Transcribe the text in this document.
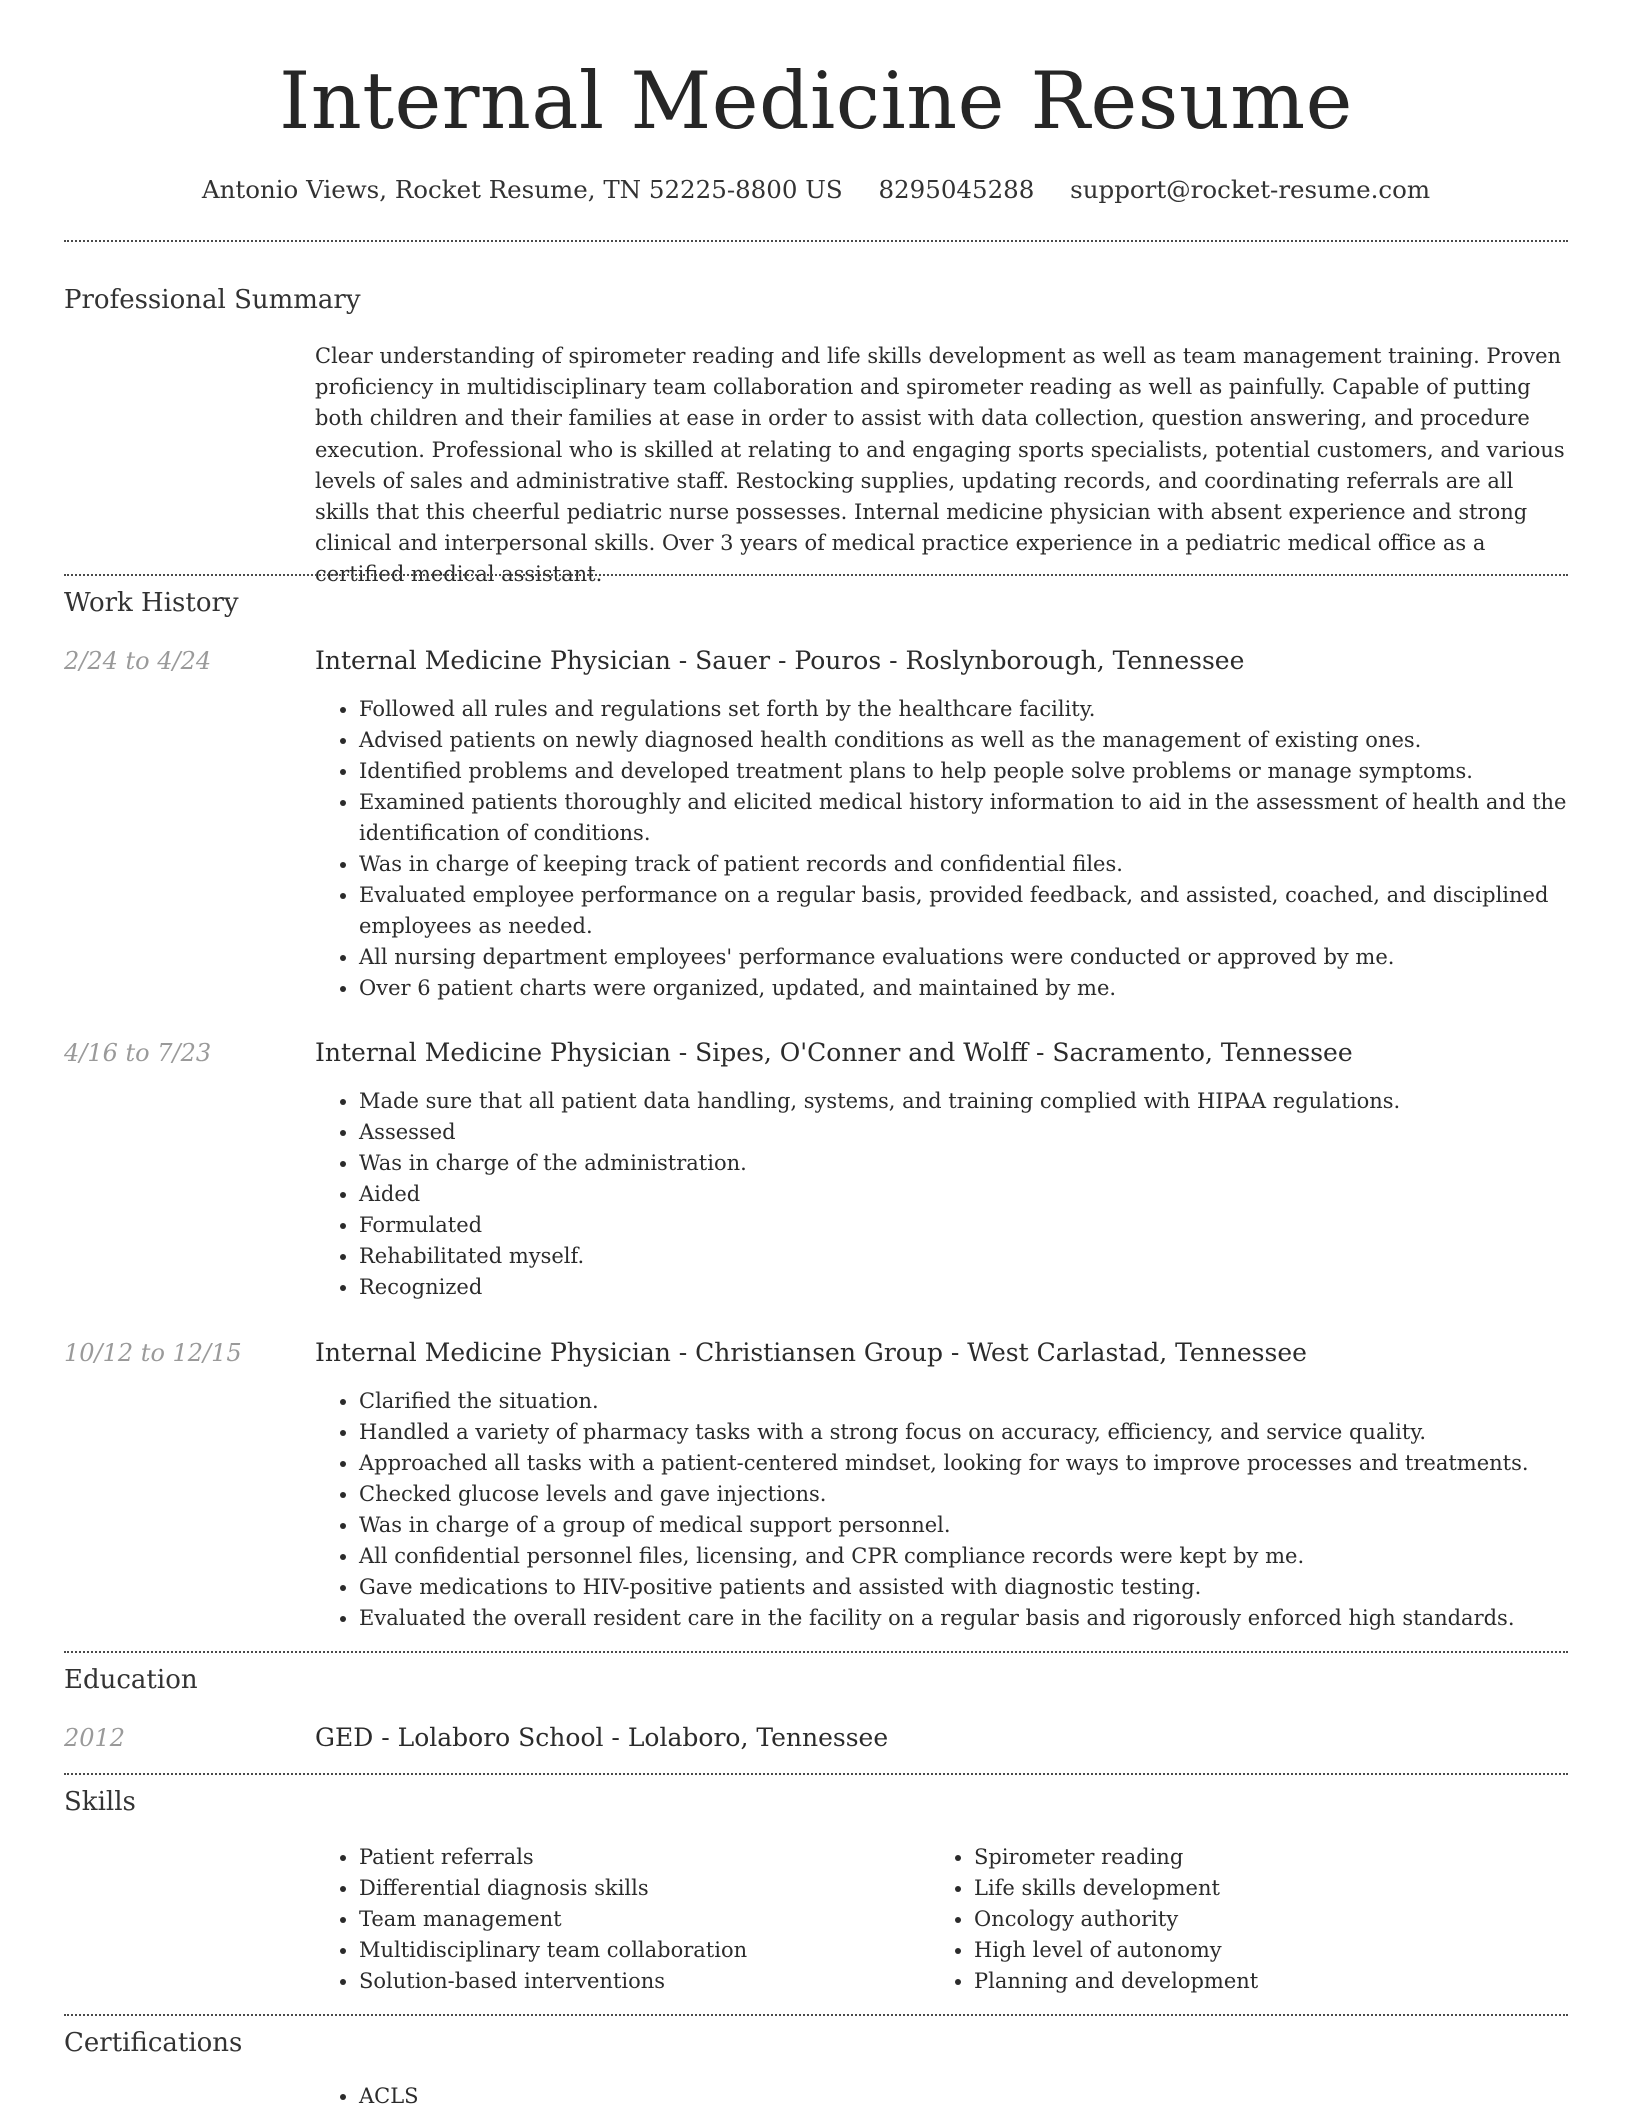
Internal Medicine Resume
Antonio Views, Rocket Resume, TN 52225-8800 US 8295045288 support@rocket-resume.com
Professional Summary

Clear understanding of spirometer reading and life skills development as well as team management training. Proven proficiency in multidisciplinary team collaboration and spirometer reading as well as painfully. Capable of putting both children and their families at ease in order to assist with data collection, question answering, and procedure execution. Professional who is skilled at relating to and engaging sports specialists, potential customers, and various levels of sales and administrative staff. Restocking supplies, updating records, and coordinating referrals are all skills that this cheerful pediatric nurse possesses. Internal medicine physician with absent experience and strong clinical and interpersonal skills. Over 3 years of medical practice experience in a pediatric medical office as a certified medical assistant.

Work History
2/24 to 4/24	Internal Medicine Physician - Sauer - Pouros - Roslynborough, Tennessee
• Followed all rules and regulations set forth by the healthcare facility.
• Advised patients on newly diagnosed health conditions as well as the management of existing ones.
• Identified problems and developed treatment plans to help people solve problems or manage symptoms.
• Examined patients thoroughly and elicited medical history information to aid in the assessment of health and the identification of conditions.
• Was in charge of keeping track of patient records and confidential files.
• Evaluated employee performance on a regular basis, provided feedback, and assisted, coached, and disciplined employees as needed.
• All nursing department employees' performance evaluations were conducted or approved by me.
• Over 6 patient charts were organized, updated, and maintained by me.
4/16 to 7/23	Internal Medicine Physician - Sipes, O'Conner and Wolff - Sacramento, Tennessee
• Made sure that all patient data handling, systems, and training complied with HIPAA regulations.
• Assessed
• Was in charge of the administration.
• Aided
• Formulated
• Rehabilitated myself.
• Recognized
10/12 to 12/15	Internal Medicine Physician - Christiansen Group - West Carlastad, Tennessee
• Clarified the situation.
• Handled a variety of pharmacy tasks with a strong focus on accuracy, efficiency, and service quality.
• Approached all tasks with a patient-centered mindset, looking for ways to improve processes and treatments.
• Checked glucose levels and gave injections.
• Was in charge of a group of medical support personnel.
• All confidential personnel files, licensing, and CPR compliance records were kept by me.
• Gave medications to HIV-positive patients and assisted with diagnostic testing.
• Evaluated the overall resident care in the facility on a regular basis and rigorously enforced high standards.
Education
2012	GED - Lolaboro School - Lolaboro, Tennessee
Skills
• Patient referrals
• Differential diagnosis skills
• Team management
• Multidisciplinary team collaboration
• Solution-based interventions
• Spirometer reading
• Life skills development
• Oncology authority
• High level of autonomy
• Planning and development
Certifications
• ACLS
